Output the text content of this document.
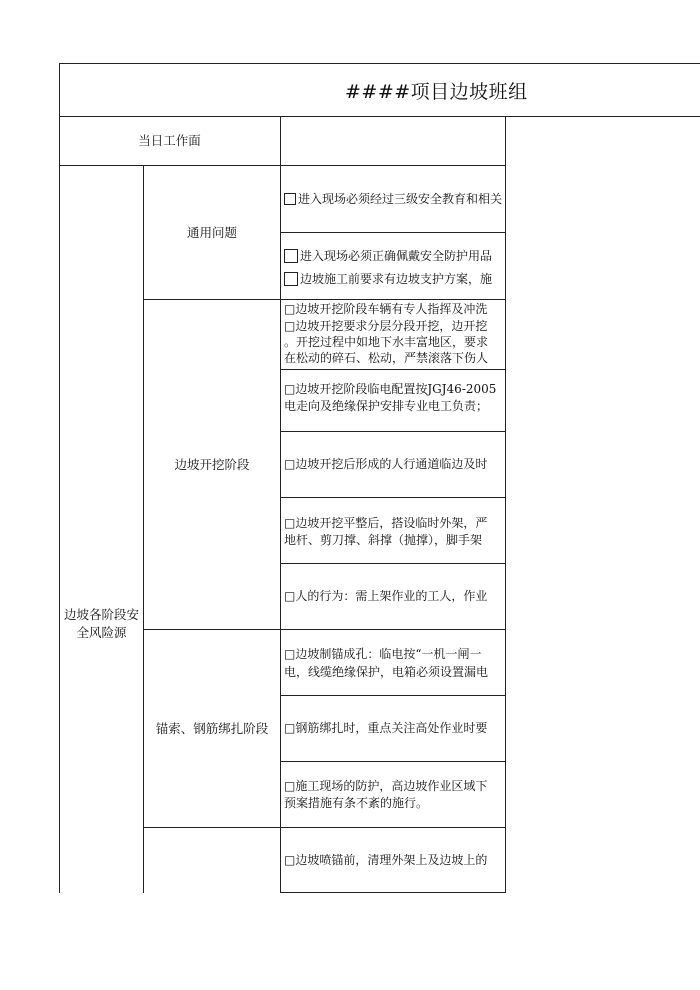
####项目边坡班组
当日工作面
边坡各阶段安全风险源
通用问题
边坡开挖阶段
锚索、钢筋绑扎阶段
进入现场必须经过三级安全教育和相关
进入现场必须正确佩戴安全防护用品
边坡施工前要求有边坡支护方案，施
□边坡开挖阶段车辆有专人指挥及冲洗
□边坡开挖要求分层分段开挖，边开挖
。开挖过程中如地下水丰富地区，要求
在松动的碎石、松动，严禁滚落下伤人
□边坡开挖阶段临电配置按JGJ46-2005
电走向及绝缘保护安排专业电工负责；
□边坡开挖后形成的人行通道临边及时
□边坡开挖平整后，搭设临时外架，严
地杆、剪刀撑、斜撑（抛撑），脚手架
□人的行为：需上架作业的工人，作业
□边坡制锚成孔：临电按“一机一闸一
电，线缆绝缘保护，电箱必须设置漏电
□钢筋绑扎时，重点关注高处作业时要
□施工现场的防护，高边坡作业区域下
预案措施有条不紊的施行。
□边坡喷锚前，清理外架上及边坡上的
